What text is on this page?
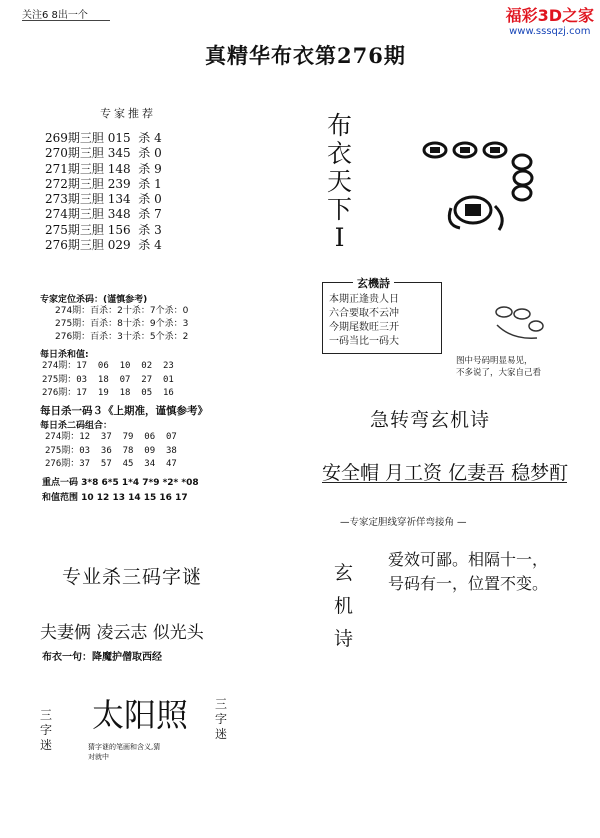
关注6 8出一个	福彩3D之家
www.sssqzj.com
真精华布衣第276期
专家推荐
269期三胆 015  杀 4
270期三胆 345  杀 0
271期三胆 148  杀 9
272期三胆 239  杀 1
273期三胆 134  杀 0
274期三胆 348  杀 7
275期三胆 156  杀 3
276期三胆 029  杀 4
专家定位杀码：(谨慎参考)
274期：百杀：2十杀：7个杀：0
275期：百杀：8十杀：9个杀：3
276期：百杀：3十杀：5个杀：2
每日杀和值:
274期：17  06  10  02  23
275期：03  18  07  27  01
276期：17  19  18  05  16
每日杀一码３《上期准，谨慎参考》
每日杀二码组合：
274期：12  37  79  06  07
275期：03  36  78  09  38
276期：37  57  45  34  47
重点一码 3*8 6*5 1*4 7*9 *2* *08
和值范围 10 12 13 14 15 16 17
布
衣
天
下
I
玄機詩
本期正逢贵人日
六合要取不云冲
今期尾数旺三开
一码当比一码大
图中号码明显易见，
不多说了，大家自己看
急转弯玄机诗
安全帽 月工资 亿妻吾 稳梦酊
—专家定胆线穿祈佯弯接角 —
玄
机
诗
爱效可鄙。相隔十一，
号码有一，位置不变。
专业杀三码字谜
夫妻俩 凌云志 似光头
布衣一句：降魔护僧取西经
三
字
迷
太阳照
猜字谜的笔画和含义,猜
对就中
三
字
迷
